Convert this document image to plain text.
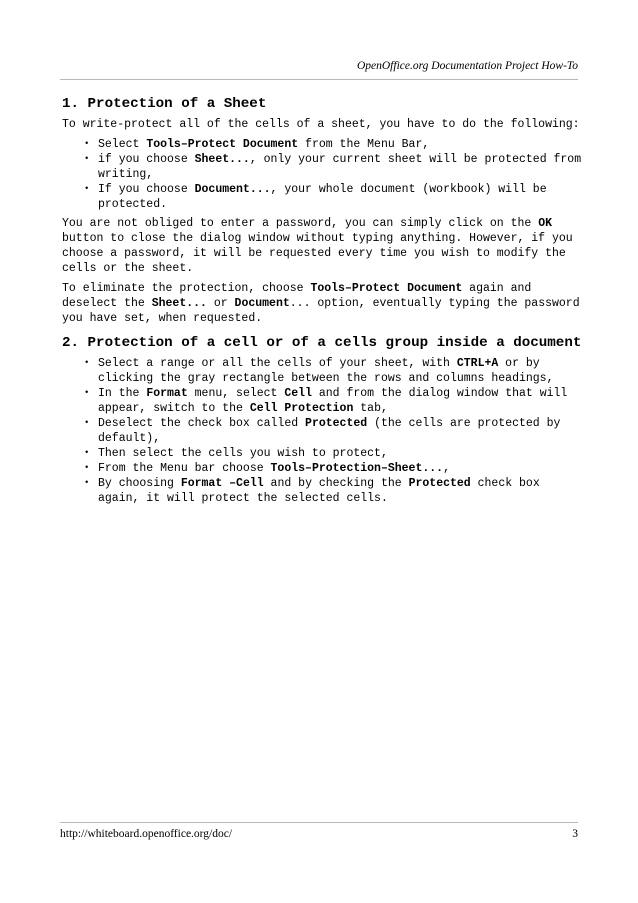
OpenOffice.org Documentation Project How-To
1. Protection of a Sheet

To write-protect all of the cells of a sheet, you have to do the following:

• Select Tools–Protect Document from the Menu Bar,
• if you choose Sheet..., only your current sheet will be protected from writing,
• If you choose Document..., your whole document (workbook) will be protected.

You are not obliged to enter a password, you can simply click on the OK button to close the dialog window without typing anything. However, if you choose a password, it will be requested every time you wish to modify the cells or the sheet.

To eliminate the protection, choose Tools–Protect Document again and deselect the Sheet... or Document... option, eventually typing the password you have set, when requested.

2. Protection of a cell or of a cells group inside a document
• Select a range or all the cells of your sheet, with CTRL+A or by clicking the gray rectangle between the rows and columns headings,
• In the Format menu, select Cell and from the dialog window that will appear, switch to the Cell Protection tab,
• Deselect the check box called Protected (the cells are protected by default),
• Then select the cells you wish to protect,
• From the Menu bar choose Tools–Protection–Sheet...,
• By choosing Format –Cell and by checking the Protected check box again, it will protect the selected cells.
http://whiteboard.openoffice.org/doc/	3
